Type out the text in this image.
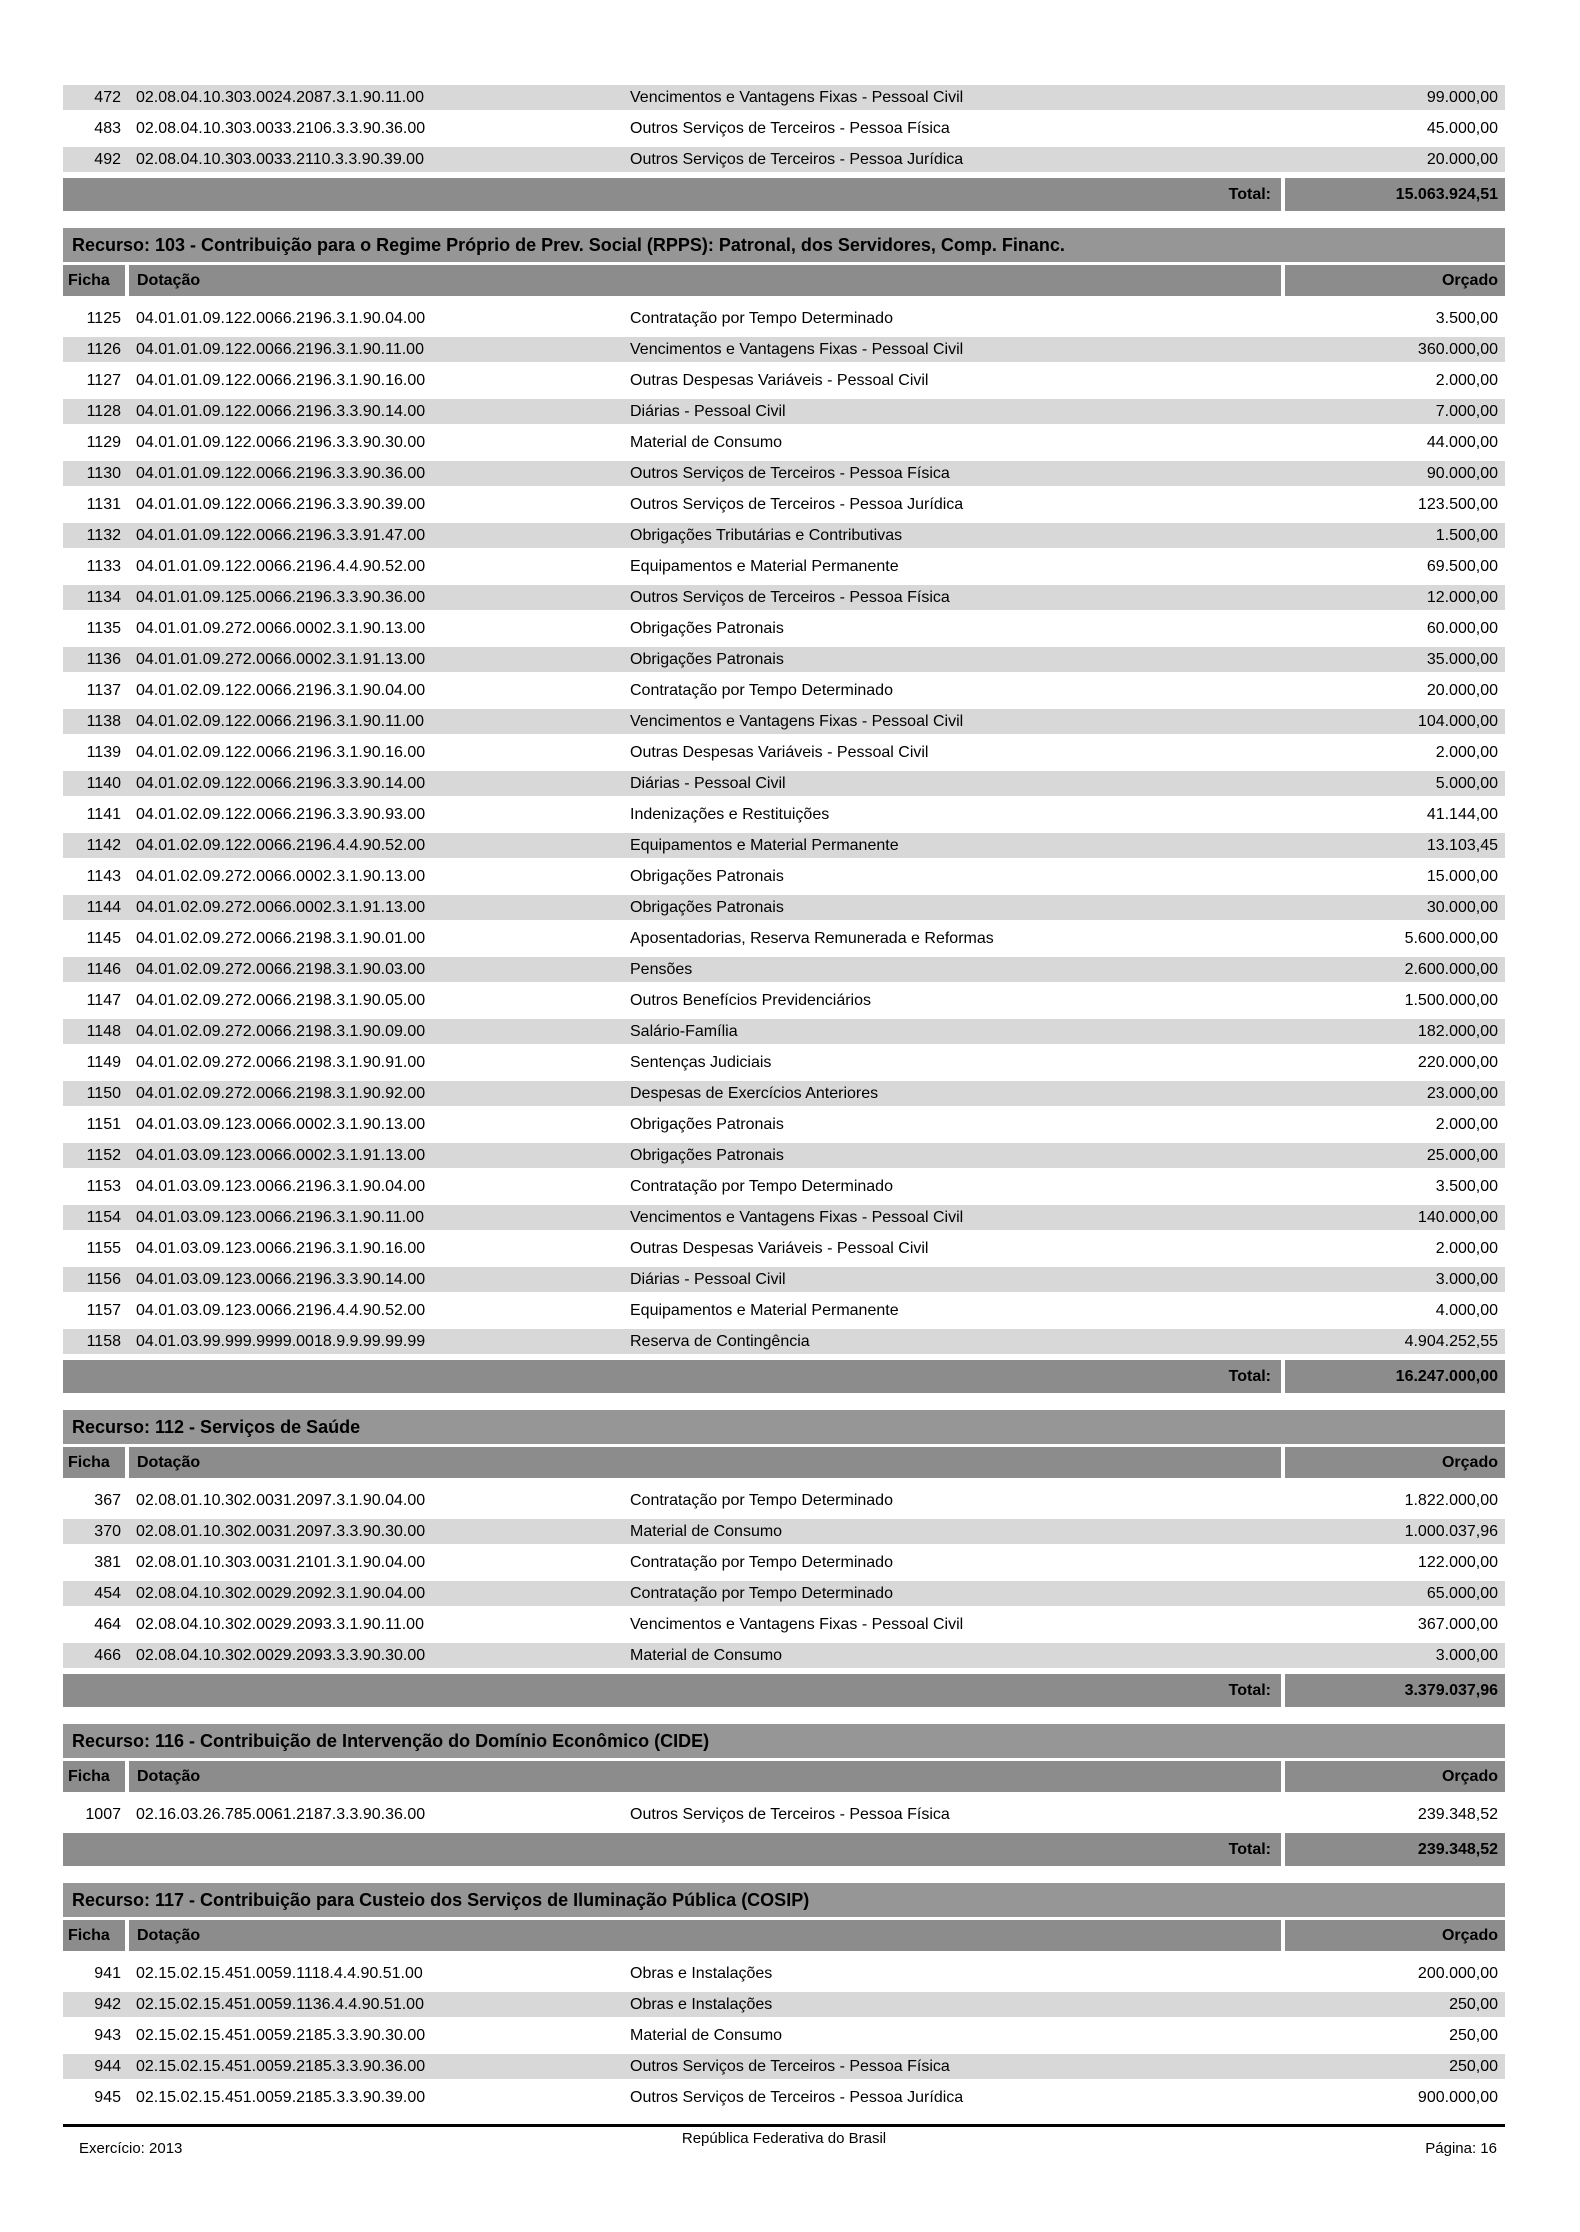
472 02.08.04.10.303.0024.2087.3.1.90.11.00	Vencimentos e Vantagens Fixas - Pessoal Civil	99.000,00
483 02.08.04.10.303.0033.2106.3.3.90.36.00	Outros Serviços de Terceiros - Pessoa Física	45.000,00
492 02.08.04.10.303.0033.2110.3.3.90.39.00	Outros Serviços de Terceiros - Pessoa Jurídica	20.000,00
Total:	15.063.924,51
Recurso: 103 - Contribuição para o Regime Próprio de Prev. Social (RPPS): Patronal, dos Servidores, Comp. Financ.
Ficha	Dotação	Orçado
1125 04.01.01.09.122.0066.2196.3.1.90.04.00	Contratação por Tempo Determinado	3.500,00
1126 04.01.01.09.122.0066.2196.3.1.90.11.00	Vencimentos e Vantagens Fixas - Pessoal Civil	360.000,00
1127 04.01.01.09.122.0066.2196.3.1.90.16.00	Outras Despesas Variáveis - Pessoal Civil	2.000,00
1128 04.01.01.09.122.0066.2196.3.3.90.14.00	Diárias - Pessoal Civil	7.000,00
1129 04.01.01.09.122.0066.2196.3.3.90.30.00	Material de Consumo	44.000,00
1130 04.01.01.09.122.0066.2196.3.3.90.36.00	Outros Serviços de Terceiros - Pessoa Física	90.000,00
1131 04.01.01.09.122.0066.2196.3.3.90.39.00	Outros Serviços de Terceiros - Pessoa Jurídica	123.500,00
1132 04.01.01.09.122.0066.2196.3.3.91.47.00	Obrigações Tributárias e Contributivas	1.500,00
1133 04.01.01.09.122.0066.2196.4.4.90.52.00	Equipamentos e Material Permanente	69.500,00
1134 04.01.01.09.125.0066.2196.3.3.90.36.00	Outros Serviços de Terceiros - Pessoa Física	12.000,00
1135 04.01.01.09.272.0066.0002.3.1.90.13.00	Obrigações Patronais	60.000,00
1136 04.01.01.09.272.0066.0002.3.1.91.13.00	Obrigações Patronais	35.000,00
1137 04.01.02.09.122.0066.2196.3.1.90.04.00	Contratação por Tempo Determinado	20.000,00
1138 04.01.02.09.122.0066.2196.3.1.90.11.00	Vencimentos e Vantagens Fixas - Pessoal Civil	104.000,00
1139 04.01.02.09.122.0066.2196.3.1.90.16.00	Outras Despesas Variáveis - Pessoal Civil	2.000,00
1140 04.01.02.09.122.0066.2196.3.3.90.14.00	Diárias - Pessoal Civil	5.000,00
1141 04.01.02.09.122.0066.2196.3.3.90.93.00	Indenizações e Restituições	41.144,00
1142 04.01.02.09.122.0066.2196.4.4.90.52.00	Equipamentos e Material Permanente	13.103,45
1143 04.01.02.09.272.0066.0002.3.1.90.13.00	Obrigações Patronais	15.000,00
1144 04.01.02.09.272.0066.0002.3.1.91.13.00	Obrigações Patronais	30.000,00
1145 04.01.02.09.272.0066.2198.3.1.90.01.00	Aposentadorias, Reserva Remunerada e Reformas	5.600.000,00
1146 04.01.02.09.272.0066.2198.3.1.90.03.00	Pensões	2.600.000,00
1147 04.01.02.09.272.0066.2198.3.1.90.05.00	Outros Benefícios Previdenciários	1.500.000,00
1148 04.01.02.09.272.0066.2198.3.1.90.09.00	Salário-Família	182.000,00
1149 04.01.02.09.272.0066.2198.3.1.90.91.00	Sentenças Judiciais	220.000,00
1150 04.01.02.09.272.0066.2198.3.1.90.92.00	Despesas de Exercícios Anteriores	23.000,00
1151 04.01.03.09.123.0066.0002.3.1.90.13.00	Obrigações Patronais	2.000,00
1152 04.01.03.09.123.0066.0002.3.1.91.13.00	Obrigações Patronais	25.000,00
1153 04.01.03.09.123.0066.2196.3.1.90.04.00	Contratação por Tempo Determinado	3.500,00
1154 04.01.03.09.123.0066.2196.3.1.90.11.00	Vencimentos e Vantagens Fixas - Pessoal Civil	140.000,00
1155 04.01.03.09.123.0066.2196.3.1.90.16.00	Outras Despesas Variáveis - Pessoal Civil	2.000,00
1156 04.01.03.09.123.0066.2196.3.3.90.14.00	Diárias - Pessoal Civil	3.000,00
1157 04.01.03.09.123.0066.2196.4.4.90.52.00	Equipamentos e Material Permanente	4.000,00
1158 04.01.03.99.999.9999.0018.9.9.99.99.99	Reserva de Contingência	4.904.252,55
Total:	16.247.000,00
Recurso: 112 - Serviços de Saúde
Ficha	Dotação	Orçado
367 02.08.01.10.302.0031.2097.3.1.90.04.00	Contratação por Tempo Determinado	1.822.000,00
370 02.08.01.10.302.0031.2097.3.3.90.30.00	Material de Consumo	1.000.037,96
381 02.08.01.10.303.0031.2101.3.1.90.04.00	Contratação por Tempo Determinado	122.000,00
454 02.08.04.10.302.0029.2092.3.1.90.04.00	Contratação por Tempo Determinado	65.000,00
464 02.08.04.10.302.0029.2093.3.1.90.11.00	Vencimentos e Vantagens Fixas - Pessoal Civil	367.000,00
466 02.08.04.10.302.0029.2093.3.3.90.30.00	Material de Consumo	3.000,00
Total:	3.379.037,96
Recurso: 116 - Contribuição de Intervenção do Domínio Econômico (CIDE)
Ficha	Dotação	Orçado
1007 02.16.03.26.785.0061.2187.3.3.90.36.00	Outros Serviços de Terceiros - Pessoa Física	239.348,52
Total:	239.348,52
Recurso: 117 - Contribuição para Custeio dos Serviços de Iluminação Pública (COSIP)
Ficha	Dotação	Orçado
941 02.15.02.15.451.0059.1118.4.4.90.51.00	Obras e Instalações	200.000,00
942 02.15.02.15.451.0059.1136.4.4.90.51.00	Obras e Instalações	250,00
943 02.15.02.15.451.0059.2185.3.3.90.30.00	Material de Consumo	250,00
944 02.15.02.15.451.0059.2185.3.3.90.36.00	Outros Serviços de Terceiros - Pessoa Física	250,00
945 02.15.02.15.451.0059.2185.3.3.90.39.00	Outros Serviços de Terceiros - Pessoa Jurídica	900.000,00
República Federativa do Brasil
Exercício: 2013	Página: 16
